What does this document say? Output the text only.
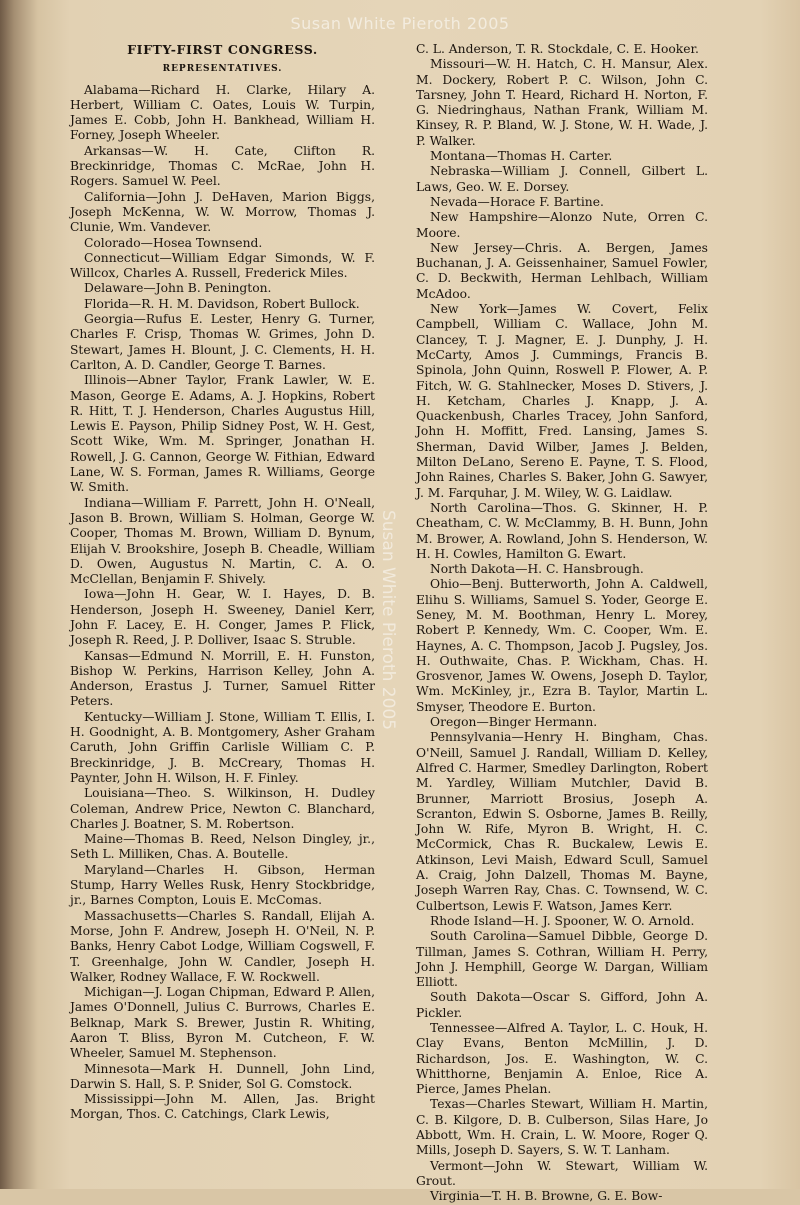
Susan White Pieroth 2005
Susan White Pieroth 2005
FIFTY-FIRST CONGRESS.
REPRESENTATIVES.

Alabama—Richard H. Clarke, Hilary A. Herbert, William C. Oates, Louis W. Turpin, James E. Cobb, John H. Bankhead, William H. Forney, Joseph Wheeler.

Arkansas—W. H. Cate, Clifton R. Breckinridge, Thomas C. McRae, John H. Rogers. Samuel W. Peel.

California—John J. DeHaven, Marion Biggs, Joseph McKenna, W. W. Morrow, Thomas J. Clunie, Wm. Vandever.

Colorado—Hosea Townsend.

Connecticut—William Edgar Simonds, W. F. Willcox, Charles A. Russell, Frederick Miles.

Delaware—John B. Penington.

Florida—R. H. M. Davidson, Robert Bullock.

Georgia—Rufus E. Lester, Henry G. Turner, Charles F. Crisp, Thomas W. Grimes, John D. Stewart, James H. Blount, J. C. Clements, H. H. Carlton, A. D. Candler, George T. Barnes.

Illinois—Abner Taylor, Frank Lawler, W. E. Mason, George E. Adams, A. J. Hopkins, Robert R. Hitt, T. J. Henderson, Charles Augustus Hill, Lewis E. Payson, Philip Sidney Post, W. H. Gest, Scott Wike, Wm. M. Springer, Jonathan H. Rowell, J. G. Cannon, George W. Fithian, Edward Lane, W. S. Forman, James R. Williams, George W. Smith.

Indiana—William F. Parrett, John H. O'Neall, Jason B. Brown, William S. Holman, George W. Cooper, Thomas M. Brown, William D. Bynum, Elijah V. Brookshire, Joseph B. Cheadle, William D. Owen, Augustus N. Martin, C. A. O. McClellan, Benjamin F. Shively.

Iowa—John H. Gear, W. I. Hayes, D. B. Henderson, Joseph H. Sweeney, Daniel Kerr, John F. Lacey, E. H. Conger, James P. Flick, Joseph R. Reed, J. P. Dolliver, Isaac S. Struble.

Kansas—Edmund N. Morrill, E. H. Funston, Bishop W. Perkins, Harrison Kelley, John A. Anderson, Erastus J. Turner, Samuel Ritter Peters.

Kentucky—William J. Stone, William T. Ellis, I. H. Goodnight, A. B. Montgomery, Asher Graham Caruth, John Griffin Carlisle William C. P. Breckinridge, J. B. McCreary, Thomas H. Paynter, John H. Wilson, H. F. Finley.

Louisiana—Theo. S. Wilkinson, H. Dudley Coleman, Andrew Price, Newton C. Blanchard, Charles J. Boatner, S. M. Robertson.

Maine—Thomas B. Reed, Nelson Dingley, jr., Seth L. Milliken, Chas. A. Boutelle.

Maryland—Charles H. Gibson, Herman Stump, Harry Welles Rusk, Henry Stockbridge, jr., Barnes Compton, Louis E. McComas.

Massachusetts—Charles S. Randall, Elijah A. Morse, John F. Andrew, Joseph H. O'Neil, N. P. Banks, Henry Cabot Lodge, William Cogswell, F. T. Greenhalge, John W. Candler, Joseph H. Walker, Rodney Wallace, F. W. Rockwell.

Michigan—J. Logan Chipman, Edward P. Allen, James O'Donnell, Julius C. Burrows, Charles E. Belknap, Mark S. Brewer, Justin R. Whiting, Aaron T. Bliss, Byron M. Cutcheon, F. W. Wheeler, Samuel M. Stephenson.

Minnesota—Mark H. Dunnell, John Lind, Darwin S. Hall, S. P. Snider, Sol G. Comstock.

Mississippi—John M. Allen, Jas. Bright Morgan, Thos. C. Catchings, Clark Lewis,

C. L. Anderson, T. R. Stockdale, C. E. Hooker.

Missouri—W. H. Hatch, C. H. Mansur, Alex. M. Dockery, Robert P. C. Wilson, John C. Tarsney, John T. Heard, Richard H. Norton, F. G. Niedringhaus, Nathan Frank, William M. Kinsey, R. P. Bland, W. J. Stone, W. H. Wade, J. P. Walker.

Montana—Thomas H. Carter.

Nebraska—William J. Connell, Gilbert L. Laws, Geo. W. E. Dorsey.

Nevada—Horace F. Bartine.

New Hampshire—Alonzo Nute, Orren C. Moore.

New Jersey—Chris. A. Bergen, James Buchanan, J. A. Geissenhainer, Samuel Fowler, C. D. Beckwith, Herman Lehlbach, William McAdoo.

New York—James W. Covert, Felix Campbell, William C. Wallace, John M. Clancey, T. J. Magner, E. J. Dunphy, J. H. McCarty, Amos J. Cummings, Francis B. Spinola, John Quinn, Roswell P. Flower, A. P. Fitch, W. G. Stahlnecker, Moses D. Stivers, J. H. Ketcham, Charles J. Knapp, J. A. Quackenbush, Charles Tracey, John Sanford, John H. Moffitt, Fred. Lansing, James S. Sherman, David Wilber, James J. Belden, Milton DeLano, Sereno E. Payne, T. S. Flood, John Raines, Charles S. Baker, John G. Sawyer, J. M. Farquhar, J. M. Wiley, W. G. Laidlaw.

North Carolina—Thos. G. Skinner, H. P. Cheatham, C. W. McClammy, B. H. Bunn, John M. Brower, A. Rowland, John S. Henderson, W. H. H. Cowles, Hamilton G. Ewart.

North Dakota—H. C. Hansbrough.

Ohio—Benj. Butterworth, John A. Caldwell, Elihu S. Williams, Samuel S. Yoder, George E. Seney, M. M. Boothman, Henry L. Morey, Robert P. Kennedy, Wm. C. Cooper, Wm. E. Haynes, A. C. Thompson, Jacob J. Pugsley, Jos. H. Outhwaite, Chas. P. Wickham, Chas. H. Grosvenor, James W. Owens, Joseph D. Taylor, Wm. McKinley, jr., Ezra B. Taylor, Martin L. Smyser, Theodore E. Burton.

Oregon—Binger Hermann.

Pennsylvania—Henry H. Bingham, Chas. O'Neill, Samuel J. Randall, William D. Kelley, Alfred C. Harmer, Smedley Darlington, Robert M. Yardley, William Mutchler, David B. Brunner, Marriott Brosius, Joseph A. Scranton, Edwin S. Osborne, James B. Reilly, John W. Rife, Myron B. Wright, H. C. McCormick, Chas R. Buckalew, Lewis E. Atkinson, Levi Maish, Edward Scull, Samuel A. Craig, John Dalzell, Thomas M. Bayne, Joseph Warren Ray, Chas. C. Townsend, W. C. Culbertson, Lewis F. Watson, James Kerr.

Rhode Island—H. J. Spooner, W. O. Arnold.

South Carolina—Samuel Dibble, George D. Tillman, James S. Cothran, William H. Perry, John J. Hemphill, George W. Dargan, William Elliott.

South Dakota—Oscar S. Gifford, John A. Pickler.

Tennessee—Alfred A. Taylor, L. C. Houk, H. Clay Evans, Benton McMillin, J. D. Richardson, Jos. E. Washington, W. C. Whitthorne, Benjamin A. Enloe, Rice A. Pierce, James Phelan.

Texas—Charles Stewart, William H. Martin, C. B. Kilgore, D. B. Culberson, Silas Hare, Jo Abbott, Wm. H. Crain, L. W. Moore, Roger Q. Mills, Joseph D. Sayers, S. W. T. Lanham.

Vermont—John W. Stewart, William W. Grout.

Virginia—T. H. B. Browne, G. E. Bow-
